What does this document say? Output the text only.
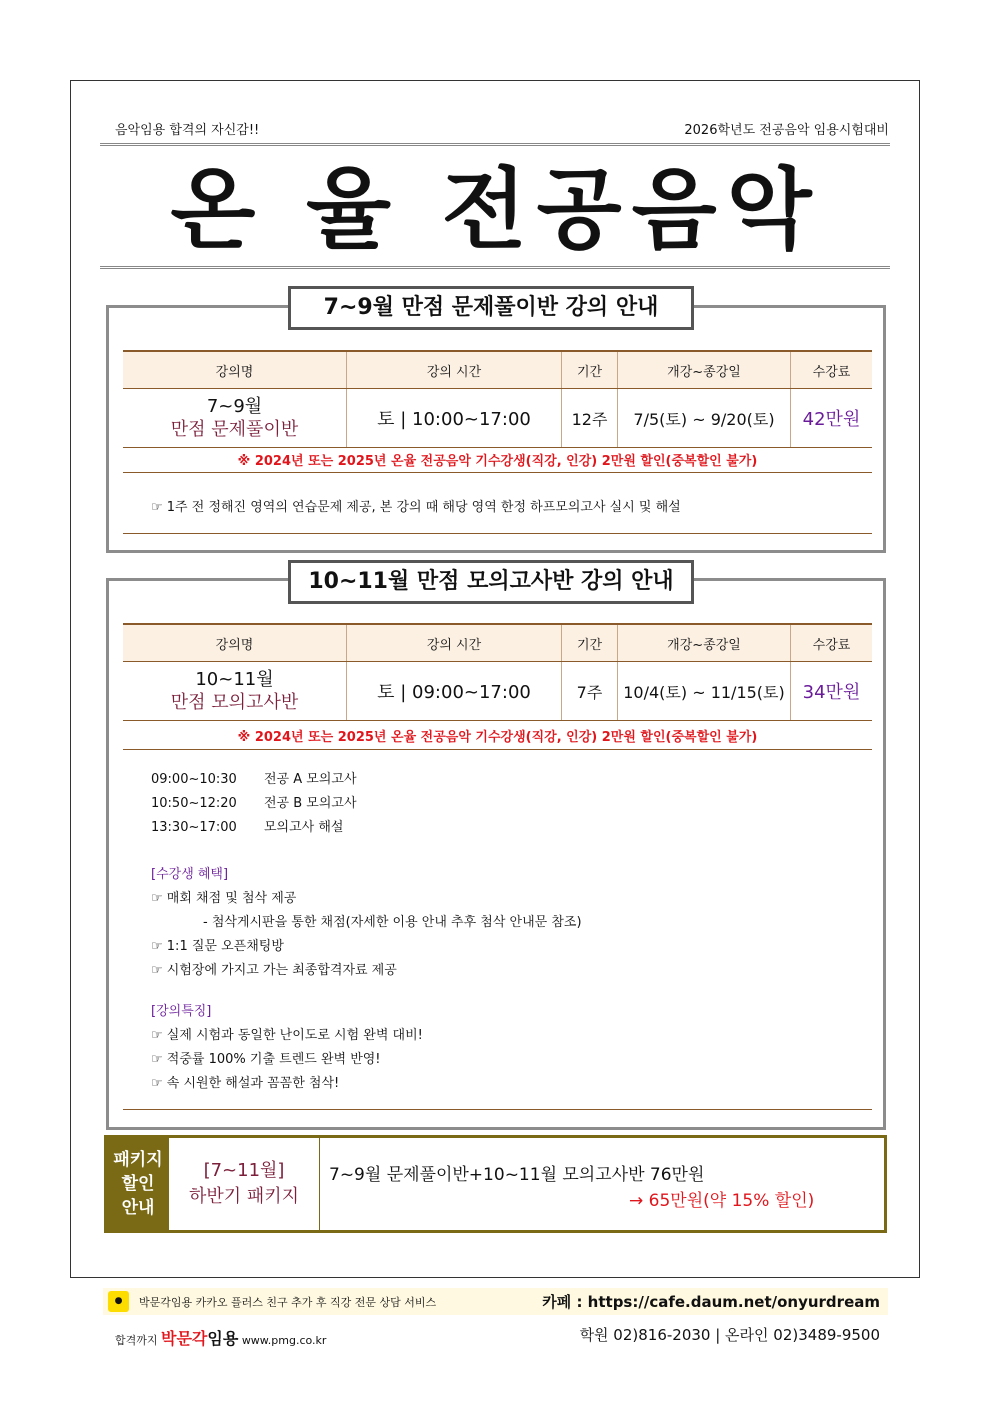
음악임용 합격의 자신감!!	2026학년도 전공음악 임용시험대비
온 율 전공음악
강의명	강의 시간	기간	개강~종강일	수강료

7~9월
만점 문제풀이반	토 | 10:00~17:00	12주	7/5(토) ~ 9/20(토)	42만원
※ 2024년 또는 2025년 온율 전공음악 기수강생(직강, 인강) 2만원 할인(중복할인 불가)
☞ 1주 전 정해진 영역의 연습문제 제공, 본 강의 때 해당 영역 한정 하프모의고사 실시 및 해설
7~9월 만점 문제풀이반 강의 안내
강의명	강의 시간	기간	개강~종강일	수강료

10~11월
만점 모의고사반	토 | 09:00~17:00	7주	10/4(토) ~ 11/15(토)	34만원
※ 2024년 또는 2025년 온율 전공음악 기수강생(직강, 인강) 2만원 할인(중복할인 불가)
09:00~10:30 전공 A 모의고사
10:50~12:20 전공 B 모의고사
13:30~17:00 모의고사 해설
[수강생 혜택]
☞ 매회 채점 및 첨삭 제공
- 첨삭게시판을 통한 채점(자세한 이용 안내 추후 첨삭 안내문 참조)
☞ 1:1 질문 오픈채팅방
☞ 시험장에 가지고 가는 최종합격자료 제공
[강의특징]
☞ 실제 시험과 동일한 난이도로 시험 완벽 대비!
☞ 적중률 100% 기출 트렌드 완벽 반영!
☞ 속 시원한 해설과 꼼꼼한 첨삭!
10~11월 만점 모의고사반 강의 안내
패키지
할인
안내
[7~11월]
하반기 패키지
7~9월 문제풀이반+10~11월 모의고사반 76만원
→ 65만원(약 15% 할인)
●	박문각임용 카카오 플러스 친구 추가 후 직강 전문 상담 서비스	카페 : https://cafe.daum.net/onyurdream
합격까지 박문각임용 www.pmg.co.kr	학원 02)816-2030 | 온라인 02)3489-9500
